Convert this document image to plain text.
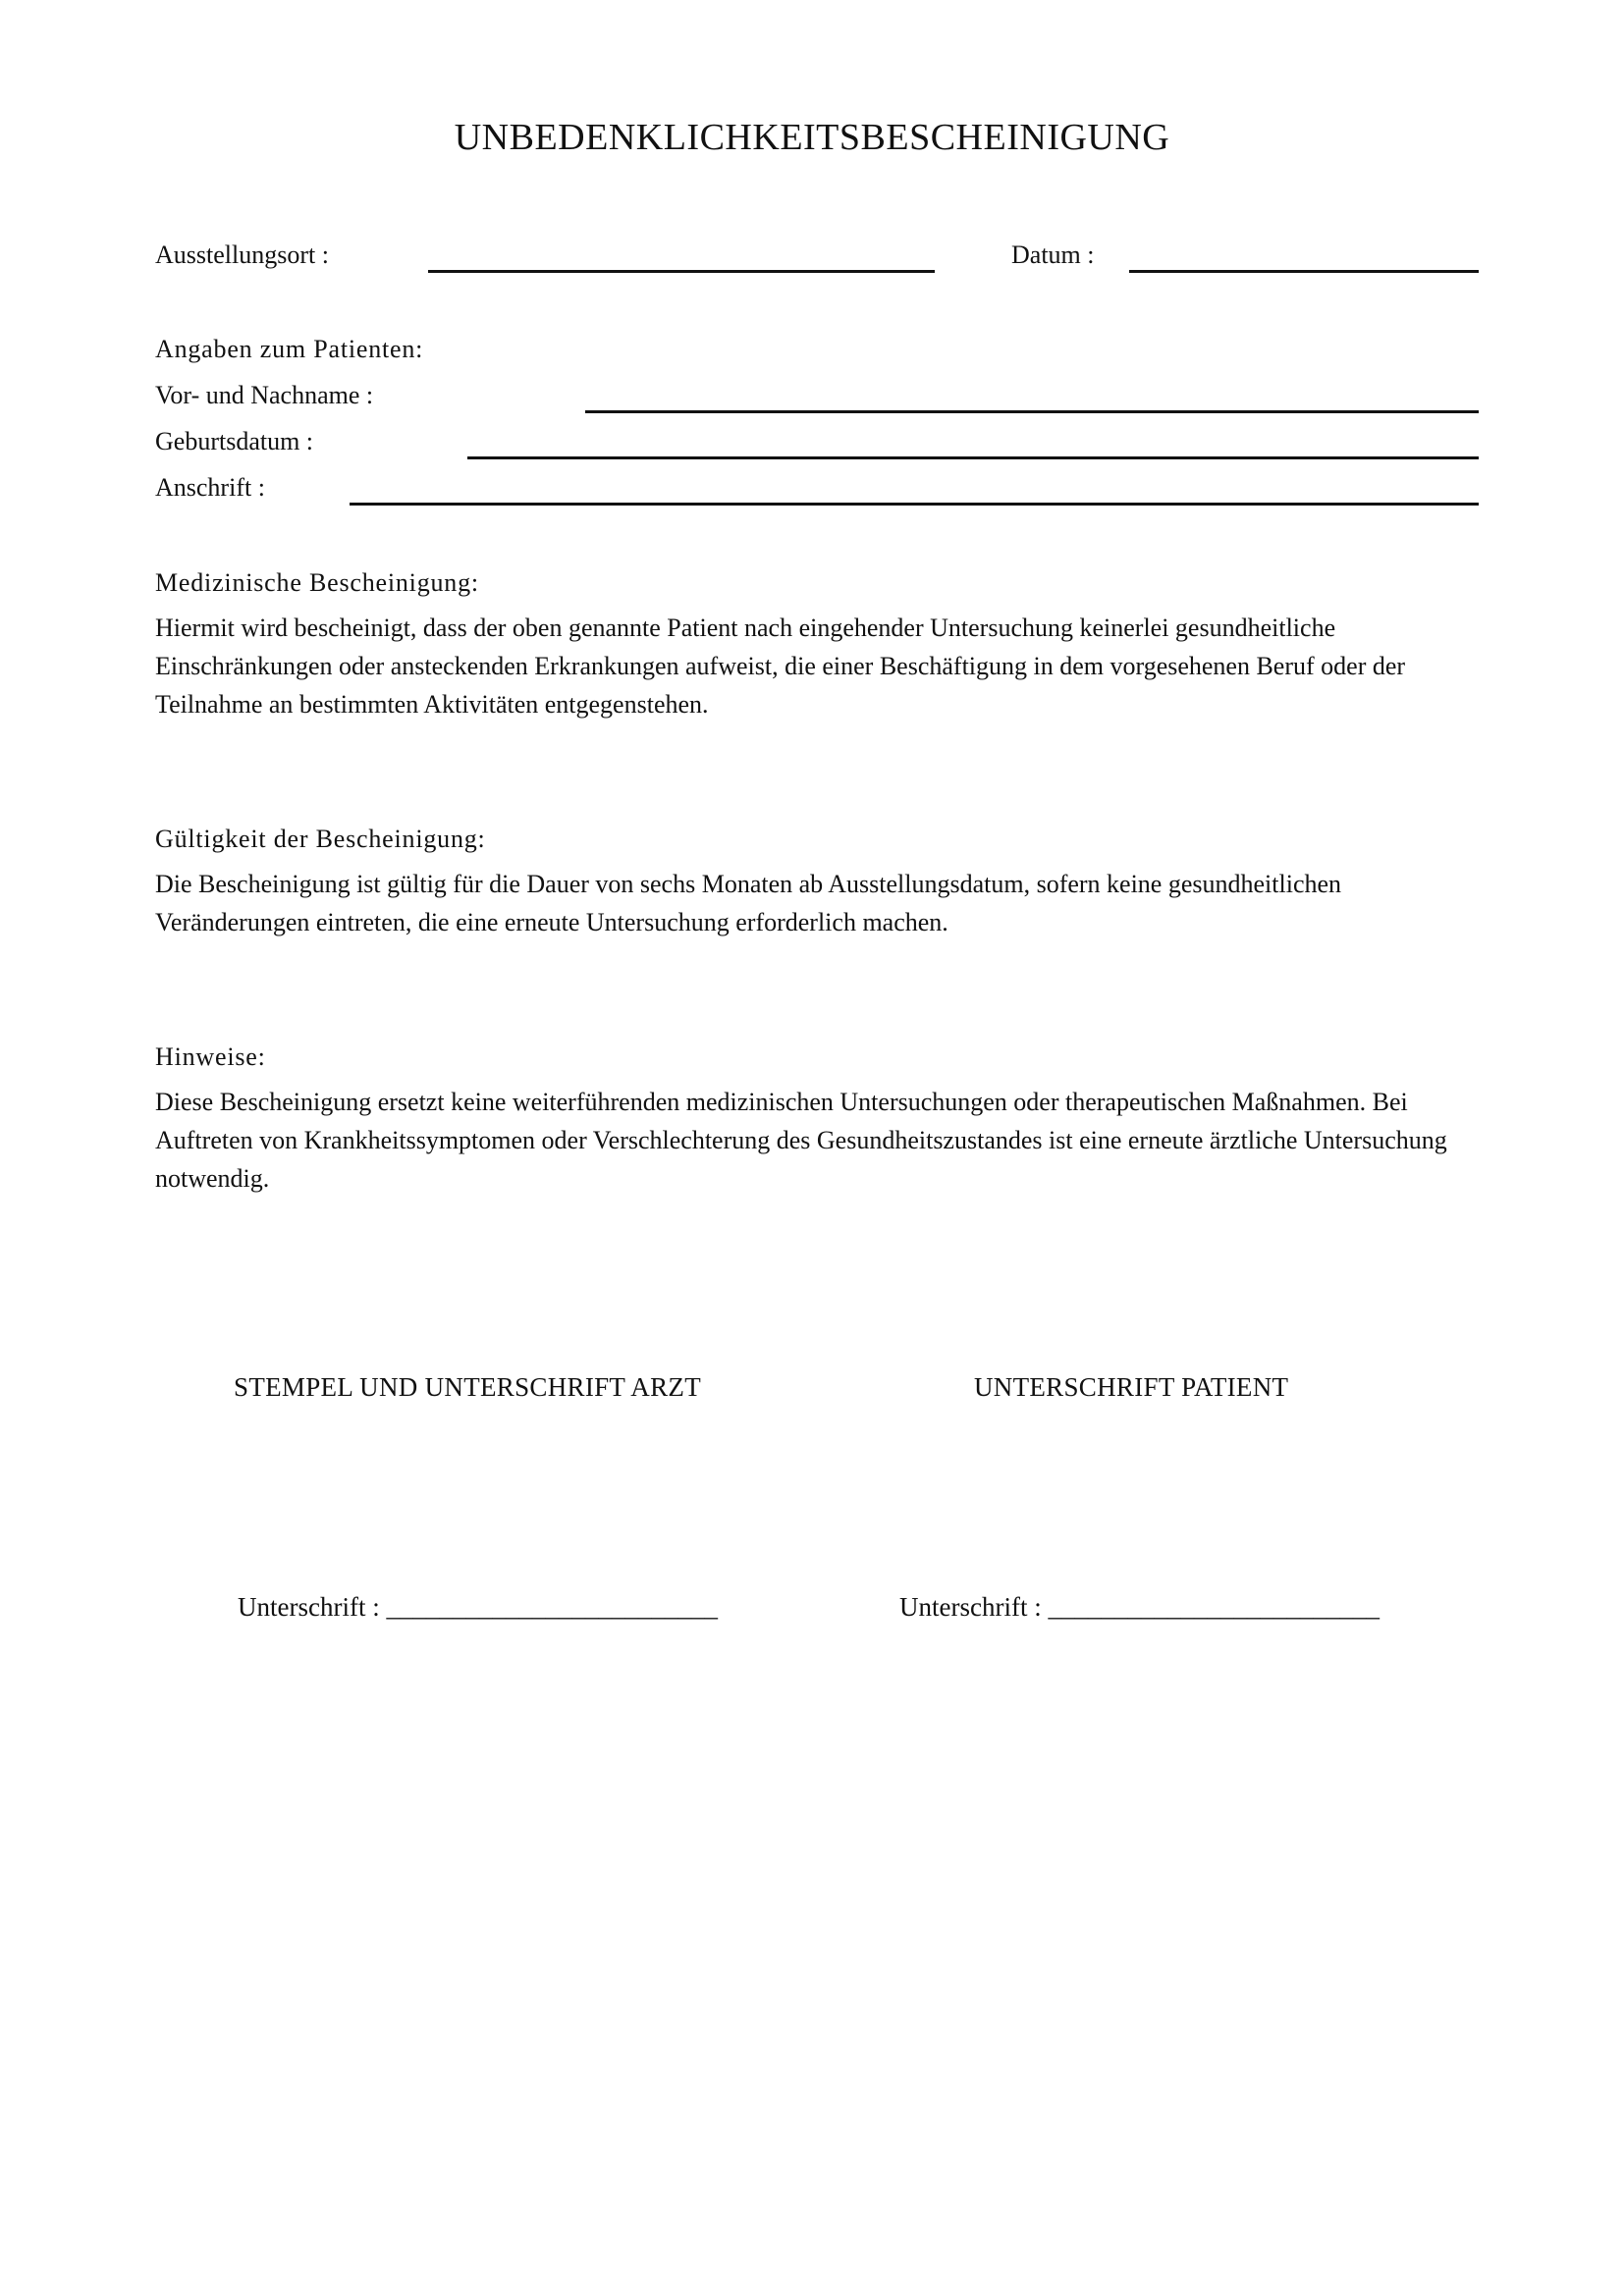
UNBEDENKLICHKEITSBESCHEINIGUNG
Ausstellungsort :	Datum :
Angaben zum Patienten:
Vor- und Nachname :
Geburtsdatum :
Anschrift :
Medizinische Bescheinigung:
Hiermit wird bescheinigt, dass der oben genannte Patient nach eingehender Untersuchung keinerlei gesundheitliche Einschränkungen oder ansteckenden Erkrankungen aufweist, die einer Beschäftigung in dem vorgesehenen Beruf oder der Teilnahme an bestimmten Aktivitäten entgegenstehen.
Gültigkeit der Bescheinigung:
Die Bescheinigung ist gültig für die Dauer von sechs Monaten ab Ausstellungsdatum, sofern keine gesundheitlichen Veränderungen eintreten, die eine erneute Untersuchung erforderlich machen.
Hinweise:
Diese Bescheinigung ersetzt keine weiterführenden medizinischen Untersuchungen oder therapeutischen Maßnahmen. Bei Auftreten von Krankheitssymptomen oder Verschlechterung des Gesundheitszustandes ist eine erneute ärztliche Untersuchung notwendig.
STEMPEL UND UNTERSCHRIFT ARZT	UNTERSCHRIFT PATIENT
Unterschrift : _________________________	Unterschrift : _________________________
